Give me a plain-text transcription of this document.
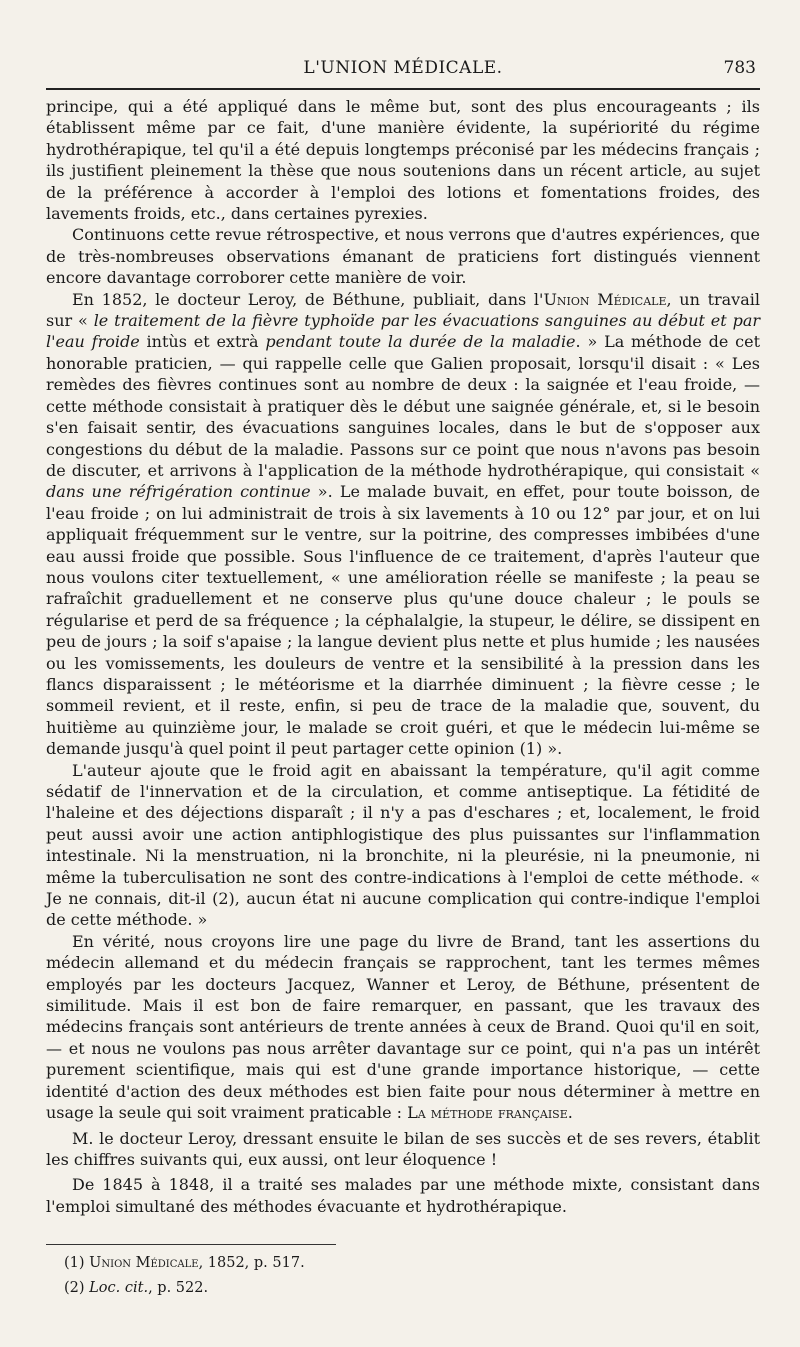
L'UNION MÉDICALE.	783

principe, qui a été appliqué dans le même but, sont des plus encourageants ; ils établissent même par ce fait, d'une manière évidente, la supériorité du régime hydrothérapique, tel qu'il a été depuis longtemps préconisé par les médecins français ; ils justifient pleinement la thèse que nous soutenions dans un récent article, au sujet de la préférence à accorder à l'emploi des lotions et fomentations froides, des lavements froids, etc., dans certaines pyrexies.

Continuons cette revue rétrospective, et nous verrons que d'autres expériences, que de très-nombreuses observations émanant de praticiens fort distingués viennent encore davantage corroborer cette manière de voir.

En 1852, le docteur Leroy, de Béthune, publiait, dans l'Union Médicale, un travail sur « le traitement de la fièvre typhoïde par les évacuations sanguines au début et par l'eau froide intùs et extrà pendant toute la durée de la maladie. » La méthode de cet honorable praticien, — qui rappelle celle que Galien proposait, lorsqu'il disait : « Les remèdes des fièvres continues sont au nombre de deux : la saignée et l'eau froide, — cette méthode consistait à pratiquer dès le début une saignée générale, et, si le besoin s'en faisait sentir, des évacuations sanguines locales, dans le but de s'opposer aux congestions du début de la maladie. Passons sur ce point que nous n'avons pas besoin de discuter, et arrivons à l'application de la méthode hydrothérapique, qui consistait « dans une réfrigération continue ». Le malade buvait, en effet, pour toute boisson, de l'eau froide ; on lui administrait de trois à six lavements à 10 ou 12° par jour, et on lui appliquait fréquemment sur le ventre, sur la poitrine, des compresses imbibées d'une eau aussi froide que possible. Sous l'influence de ce traitement, d'après l'auteur que nous voulons citer textuellement, « une amélioration réelle se manifeste ; la peau se rafraîchit graduellement et ne conserve plus qu'une douce chaleur ; le pouls se régularise et perd de sa fréquence ; la céphalalgie, la stupeur, le délire, se dissipent en peu de jours ; la soif s'apaise ; la langue devient plus nette et plus humide ; les nausées ou les vomissements, les douleurs de ventre et la sensibilité à la pression dans les flancs disparaissent ; le météorisme et la diarrhée diminuent ; la fièvre cesse ; le sommeil revient, et il reste, enfin, si peu de trace de la maladie que, souvent, du huitième au quinzième jour, le malade se croit guéri, et que le médecin lui-même se demande jusqu'à quel point il peut partager cette opinion (1) ».

L'auteur ajoute que le froid agit en abaissant la température, qu'il agit comme sédatif de l'innervation et de la circulation, et comme antiseptique. La fétidité de l'haleine et des déjections disparaît ; il n'y a pas d'eschares ; et, localement, le froid peut aussi avoir une action antiphlogistique des plus puissantes sur l'inflammation intestinale. Ni la menstruation, ni la bronchite, ni la pleurésie, ni la pneumonie, ni même la tuberculisation ne sont des contre-indications à l'emploi de cette méthode. « Je ne connais, dit-il (2), aucun état ni aucune complication qui contre-indique l'emploi de cette méthode. »

En vérité, nous croyons lire une page du livre de Brand, tant les assertions du médecin allemand et du médecin français se rapprochent, tant les termes mêmes employés par les docteurs Jacquez, Wanner et Leroy, de Béthune, présentent de similitude. Mais il est bon de faire remarquer, en passant, que les travaux des médecins français sont antérieurs de trente années à ceux de Brand. Quoi qu'il en soit, — et nous ne voulons pas nous arrêter davantage sur ce point, qui n'a pas un intérêt purement scientifique, mais qui est d'une grande importance historique, — cette identité d'action des deux méthodes est bien faite pour nous déterminer à mettre en usage la seule qui soit vraiment praticable : La méthode française.

M. le docteur Leroy, dressant ensuite le bilan de ses succès et de ses revers, établit les chiffres suivants qui, eux aussi, ont leur éloquence !

De 1845 à 1848, il a traité ses malades par une méthode mixte, consistant dans l'emploi simultané des méthodes évacuante et hydrothérapique.

(1) Union Médicale, 1852, p. 517.

(2) Loc. cit., p. 522.
